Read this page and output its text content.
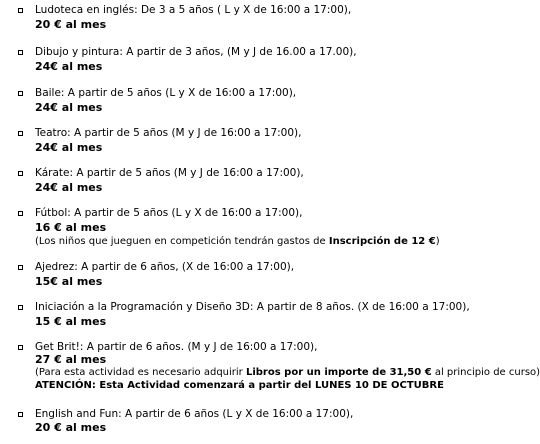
Ludoteca en inglés: De 3 a 5 años ( L y X de 16:00 a 17:00),
20 € al mes
Dibujo y pintura: A partir de 3 años, (M y J de 16.00 a 17.00),
24€ al mes
Baile: A partir de 5 años (L y X de 16:00 a 17:00),
24€ al mes
Teatro: A partir de 5 años (M y J de 16:00 a 17:00),
24€ al mes
Kárate: A partir de 5 años (M y J de 16:00 a 17:00),
24€ al mes
Fútbol: A partir de 5 años (L y X de 16:00 a 17:00),
16 € al mes
(Los niños que jueguen en competición tendrán gastos de Inscripción de 12 €)
Ajedrez: A partir de 6 años, (X de 16:00 a 17:00),
15€ al mes
Iniciación a la Programación y Diseño 3D: A partir de 8 años. (X de 16:00 a 17:00),
15 € al mes
Get Brit!: A partir de 6 años. (M y J de 16:00 a 17:00),
27 € al mes
(Para esta actividad es necesario adquirir Libros por un importe de 31,50 € al principio de curso)
ATENCIÓN: Esta Actividad comenzará a partir del LUNES 10 DE OCTUBRE
English and Fun: A partir de 6 años (L y X de 16:00 a 17:00),
20 € al mes
